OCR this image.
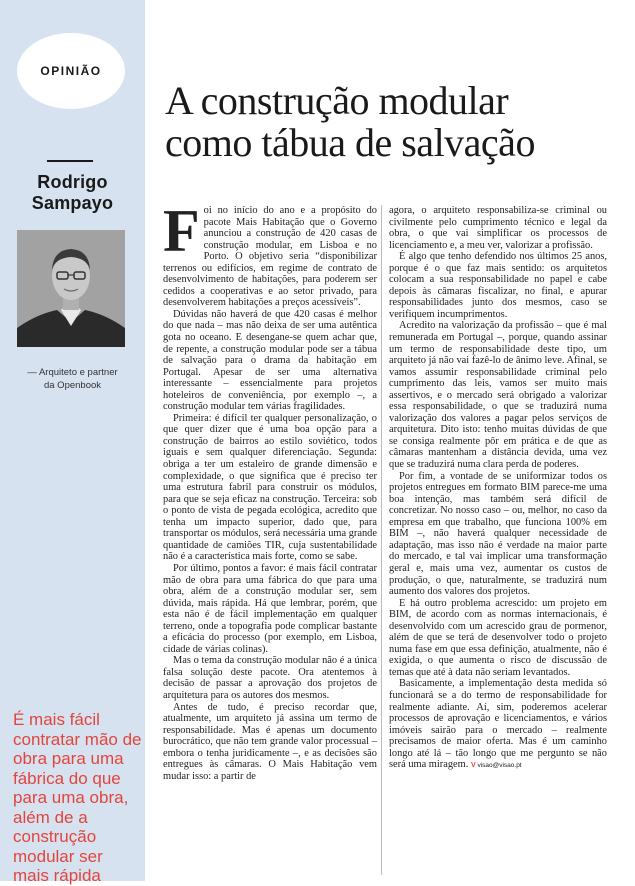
OPINIÃO
Rodrigo
Sampayo
— Arquiteto e partner
da Openbook
É mais fácil contratar mão de obra para uma fábrica do que para uma obra, além de a construção modular ser mais rápida
A construção modular
como tábua de salvação

Foi no início do ano e a propósito do pacote Mais Habitação que o Governo anunciou a construção de 420 casas de construção modular, em Lisboa e no Porto. O objetivo seria “disponibilizar terrenos ou edifícios, em regime de contrato de desenvolvimento de habitações, para poderem ser cedidos a cooperativas e ao setor privado, para desenvolverem habitações a preços acessíveis”.

Dúvidas não haverá de que 420 casas é melhor do que nada – mas não deixa de ser uma autêntica gota no oceano. E desengane-se quem achar que, de repente, a construção modular pode ser a tábua de salvação para o drama da habitação em Portugal. Apesar de ser uma alternativa interessante – essencialmente para projetos hoteleiros de conveniência, por exemplo –, a construção modular tem várias fragilidades.

Primeira: é difícil ter qualquer personalização, o que quer dizer que é uma boa opção para a construção de bairros ao estilo soviético, todos iguais e sem qualquer diferenciação. Segunda: obriga a ter um estaleiro de grande dimensão e complexidade, o que significa que é preciso ter uma estrutura fabril para construir os módulos, para que se seja eficaz na construção. Terceira: sob o ponto de vista de pegada ecológica, acredito que tenha um impacto superior, dado que, para transportar os módulos, será necessária uma grande quantidade de camiões TIR, cuja sustentabilidade não é a característica mais forte, como se sabe.

Por último, pontos a favor: é mais fácil contratar mão de obra para uma fábrica do que para uma obra, além de a construção modular ser, sem dúvida, mais rápida. Há que lembrar, porém, que esta não é de fácil implementação em qualquer terreno, onde a topografia pode complicar bastante a eficácia do processo (por exemplo, em Lisboa, cidade de várias colinas).

Mas o tema da construção modular não é a única falsa solução deste pacote. Ora atentemos à decisão de passar a aprovação dos projetos de arquitetura para os autores dos mesmos.

Antes de tudo, é preciso recordar que, atualmente, um arquiteto já assina um termo de responsabilidade. Mas é apenas um documento burocrático, que não tem grande valor processual – embora o tenha juridicamente –, e as decisões são entregues às câmaras. O Mais Habitação vem mudar isso: a partir de

agora, o arquiteto responsabiliza-se criminal ou civilmente pelo cumprimento técnico e legal da obra, o que vai simplificar os processos de licenciamento e, a meu ver, valorizar a profissão.

É algo que tenho defendido nos últimos 25 anos, porque é o que faz mais sentido: os arquitetos colocam a sua responsabilidade no papel e cabe depois às câmaras fiscalizar, no final, e apurar responsabilidades junto dos mesmos, caso se verifiquem incumprimentos.

Acredito na valorização da profissão – que é mal remunerada em Portugal –, porque, quando assinar um termo de responsabilidade deste tipo, um arquiteto já não vai fazê-lo de ânimo leve. Afinal, se vamos assumir responsabilidade criminal pelo cumprimento das leis, vamos ser muito mais assertivos, e o mercado será obrigado a valorizar essa responsabilidade, o que se traduzirá numa valorização dos valores a pagar pelos serviços de arquitetura. Dito isto: tenho muitas dúvidas de que se consiga realmente pôr em prática e de que as câmaras mantenham a distância devida, uma vez que se traduzirá numa clara perda de poderes.

Por fim, a vontade de se uniformizar todos os projetos entregues em formato BIM parece-me uma boa intenção, mas também será difícil de concretizar. No nosso caso – ou, melhor, no caso da empresa em que trabalho, que funciona 100% em BIM –, não haverá qualquer necessidade de adaptação, mas isso não é verdade na maior parte do mercado, e tal vai implicar uma transformação geral e, mais uma vez, aumentar os custos de produção, o que, naturalmente, se traduzirá num aumento dos valores dos projetos.

E há outro problema acrescido: um projeto em BIM, de acordo com as normas internacionais, é desenvolvido com um acrescido grau de pormenor, além de que se terá de desenvolver todo o projeto numa fase em que essa definição, atualmente, não é exigida, o que aumenta o risco de discussão de temas que até à data não seriam levantados.

Basicamente, a implementação desta medida só funcionará se a do termo de responsabilidade for realmente adiante. Aí, sim, poderemos acelerar processos de aprovação e licenciamentos, e vários imóveis sairão para o mercado – realmente precisamos de maior oferta. Mas é um caminho longo até lá – tão longo que me pergunto se não será uma miragem. V visao@visao.pt
